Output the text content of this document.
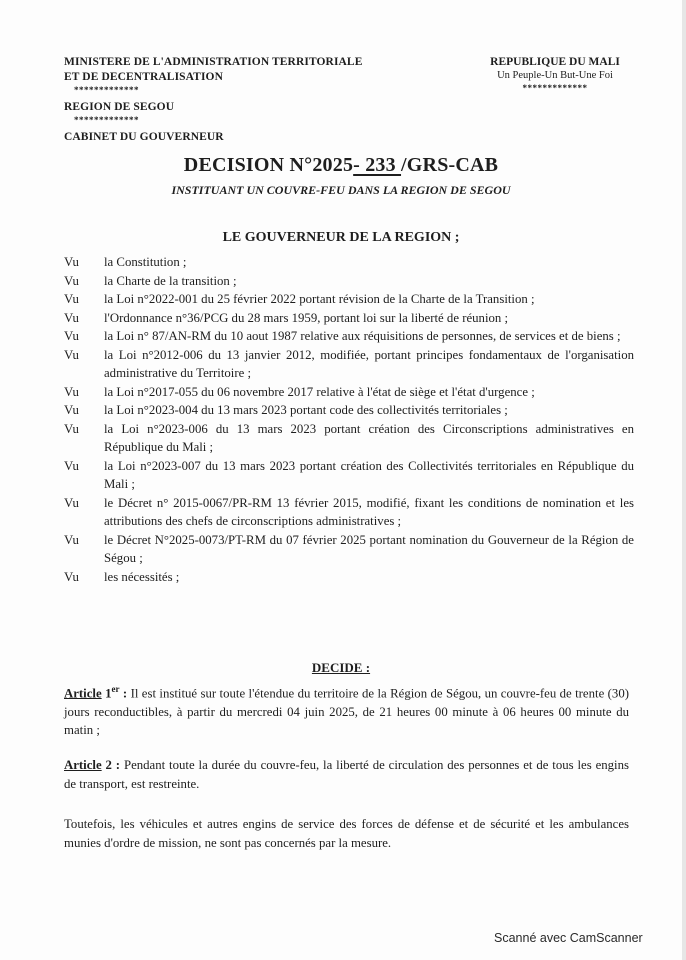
MINISTERE DE L'ADMINISTRATION TERRITORIALE
ET DE DECENTRALISATION
*************
REGION DE SEGOU
*************
CABINET DU GOUVERNEUR
REPUBLIQUE DU MALI
Un Peuple-Un But-Une Foi
*************
DECISION N°2025- 233 /GRS-CAB
INSTITUANT UN COUVRE-FEU DANS LA REGION DE SEGOU
LE GOUVERNEUR DE LA REGION ;
Vu	la Constitution ;
Vu	la Charte de la transition ;
Vu	la Loi n°2022-001 du 25 février 2022 portant révision de la Charte de la Transition ;
Vu	l'Ordonnance n°36/PCG du 28 mars 1959, portant loi sur la liberté de réunion ;
Vu	la Loi n° 87/AN-RM du 10 aout 1987 relative aux réquisitions de personnes, de services et de biens ;
Vu	la Loi n°2012-006 du 13 janvier 2012, modifiée, portant principes fondamentaux de l'organisation administrative du Territoire ;
Vu	la Loi n°2017-055 du 06 novembre 2017 relative à l'état de siège et l'état d'urgence ;
Vu	la Loi n°2023-004 du 13 mars 2023 portant code des collectivités territoriales ;
Vu	la Loi n°2023-006 du 13 mars 2023 portant création des Circonscriptions administratives en République du Mali ;
Vu	la Loi n°2023-007 du 13 mars 2023 portant création des Collectivités territoriales en République du Mali ;
Vu	le Décret n° 2015-0067/PR-RM 13 février 2015, modifié, fixant les conditions de nomination et les attributions des chefs de circonscriptions administratives ;
Vu	le Décret N°2025-0073/PT-RM du 07 février 2025 portant nomination du Gouverneur de la Région de Ségou ;
Vu	les nécessités ;
DECIDE :
Article 1er : Il est institué sur toute l'étendue du territoire de la Région de Ségou, un couvre-feu de trente (30) jours reconductibles, à partir du mercredi 04 juin 2025, de 21 heures 00 minute à 06 heures 00 minute du matin ;
Article 2 : Pendant toute la durée du couvre-feu, la liberté de circulation des personnes et de tous les engins de transport, est restreinte.
Toutefois, les véhicules et autres engins de service des forces de défense et de sécurité et les ambulances munies d'ordre de mission, ne sont pas concernés par la mesure.
Scanné avec CamScanner
